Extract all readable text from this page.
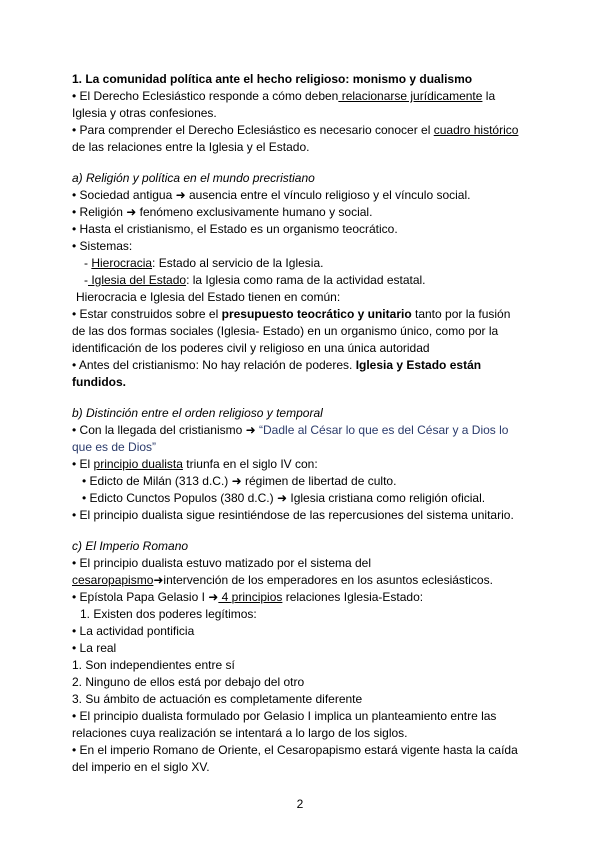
1. La comunidad política ante el hecho religioso: monismo y dualismo

• El Derecho Eclesiástico responde a cómo deben relacionarse jurídicamente la

Iglesia y otras confesiones.

• Para comprender el Derecho Eclesiástico es necesario conocer el cuadro histórico

de las relaciones entre la Iglesia y el Estado.

a) Religión y política en el mundo precristiano

• Sociedad antigua ➜ ausencia entre el vínculo religioso y el vínculo social.

• Religión ➜ fenómeno exclusivamente humano y social.

• Hasta el cristianismo, el Estado es un organismo teocrático.

• Sistemas:

- Hierocracia: Estado al servicio de la Iglesia.

- Iglesia del Estado: la Iglesia como rama de la actividad estatal.

Hierocracia e Iglesia del Estado tienen en común:

• Estar construidos sobre el presupuesto teocrático y unitario tanto por la fusión

de las dos formas sociales (Iglesia- Estado) en un organismo único, como por la

identificación de los poderes civil y religioso en una única autoridad

• Antes del cristianismo: No hay relación de poderes. Iglesia y Estado están

fundidos.

b) Distinción entre el orden religioso y temporal

• Con la llegada del cristianismo ➜ “Dadle al César lo que es del César y a Dios lo

que es de Dios”

• El principio dualista triunfa en el siglo IV con:

• Edicto de Milán (313 d.C.) ➜ régimen de libertad de culto.

• Edicto Cunctos Populos (380 d.C.) ➜ Iglesia cristiana como religión oficial.

• El principio dualista sigue resintiéndose de las repercusiones del sistema unitario.

c) El Imperio Romano

• El principio dualista estuvo matizado por el sistema del

cesaropapismo➜intervención de los emperadores en los asuntos eclesiásticos.

• Epístola Papa Gelasio I ➜ 4 principios relaciones Iglesia-Estado:

1. Existen dos poderes legítimos:

• La actividad pontificia

• La real

1. Son independientes entre sí

2. Ninguno de ellos está por debajo del otro

3. Su ámbito de actuación es completamente diferente

• El principio dualista formulado por Gelasio I implica un planteamiento entre las

relaciones cuya realización se intentará a lo largo de los siglos.

• En el imperio Romano de Oriente, el Cesaropapismo estará vigente hasta la caída

del imperio en el siglo XV.

2
